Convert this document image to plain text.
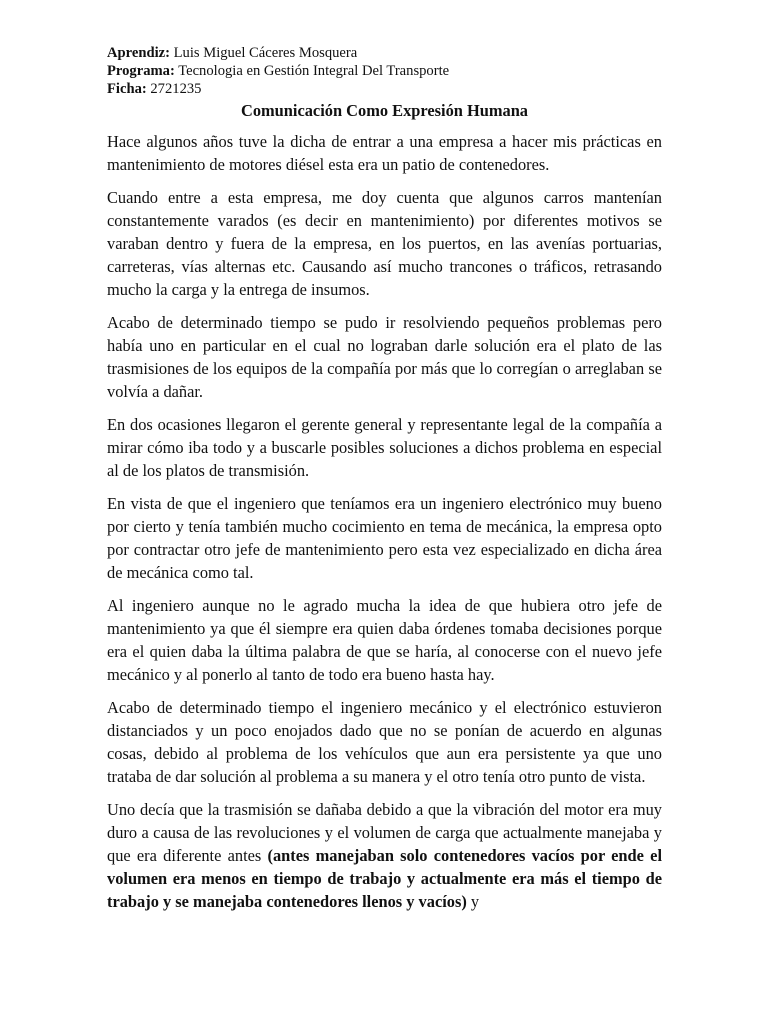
Aprendiz: Luis Miguel Cáceres Mosquera
Programa: Tecnologia en Gestión Integral Del Transporte
Ficha: 2721235
Comunicación Como Expresión Humana

Hace algunos años tuve la dicha de entrar a una empresa a hacer mis prácticas en mantenimiento de motores diésel esta era un patio de contenedores.

Cuando entre a esta empresa, me doy cuenta que algunos carros mantenían constantemente varados (es decir en mantenimiento) por diferentes motivos se varaban dentro y fuera de la empresa, en los puertos, en las avenías portuarias, carreteras, vías alternas etc. Causando así mucho trancones o tráficos, retrasando mucho la carga y la entrega de insumos.

Acabo de determinado tiempo se pudo ir resolviendo pequeños problemas pero había uno en particular en el cual no lograban darle solución era el plato de las trasmisiones de los equipos de la compañía por más que lo corregían o arreglaban se volvía a dañar.

En dos ocasiones llegaron el gerente general y representante legal de la compañía a mirar cómo iba todo y a buscarle posibles soluciones a dichos problema en especial al de los platos de transmisión.

En vista de que el ingeniero que teníamos era un ingeniero electrónico muy bueno por cierto y tenía también mucho cocimiento en tema de mecánica, la empresa opto por contractar otro jefe de mantenimiento pero esta vez especializado en dicha área de mecánica como tal.

Al ingeniero aunque no le agrado mucha la idea de que hubiera otro jefe de mantenimiento ya que él siempre era quien daba órdenes tomaba decisiones porque era el quien daba la última palabra de que se haría, al conocerse con el nuevo jefe mecánico y al ponerlo al tanto de todo era bueno hasta hay.

Acabo de determinado tiempo el ingeniero mecánico y el electrónico estuvieron distanciados y un poco enojados dado que no se ponían de acuerdo en algunas cosas, debido al problema de los vehículos que aun era persistente ya que uno trataba de dar solución al problema a su manera y el otro tenía otro punto de vista.

Uno decía que la trasmisión se dañaba debido a que la vibración del motor era muy duro a causa de las revoluciones y el volumen de carga que actualmente manejaba y que era diferente antes (antes manejaban solo contenedores vacíos por ende el volumen era menos en tiempo de trabajo y actualmente era más el tiempo de trabajo y se manejaba contenedores llenos y vacíos) y
